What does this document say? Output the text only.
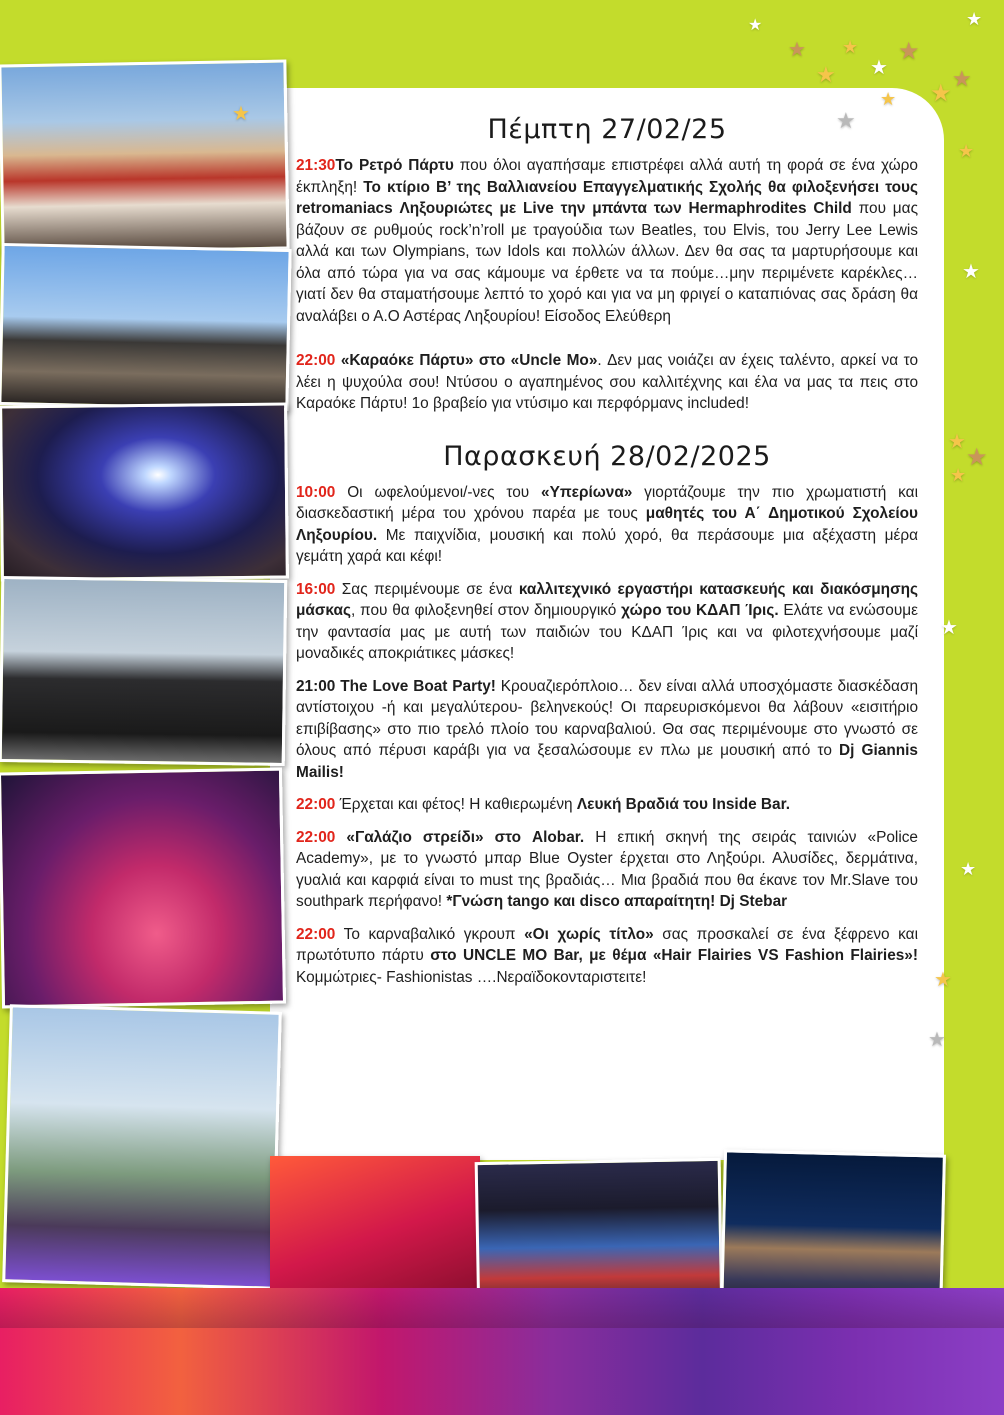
★
★
★
★
★
★
★
★
★
★
★
★
★
★
★
★
★
★
★
★
★
Πέμπτη 27/02/25

21:30Το Ρετρό Πάρτυ που όλοι αγαπήσαμε επιστρέφει αλλά αυτή τη φορά σε ένα χώρο έκπληξη! Το κτίριο Β’ της Βαλλιανείου Επαγγελματικής Σχολής θα φιλοξενήσει τους retromaniacs Ληξουριώτες με Live την μπάντα των Hermaphrodites Child που μας βάζουν σε ρυθμούς rock’n’roll με τραγούδια των Beatles, του Elvis, του Jerry Lee Lewis αλλά και των Olympians, των Idols και πολλών άλλων. Δεν θα σας τα μαρτυρήσουμε και όλα από τώρα για να σας κάμουμε να έρθετε να τα πούμε…μην περιμένετε καρέκλες… γιατί δεν θα σταματήσουμε λεπτό το χορό και για να μη φριγεί ο καταπιόνας σας δράση θα αναλάβει ο Α.Ο Αστέρας Ληξουρίου! Είσοδος Ελεύθερη

22:00 «Καραόκε Πάρτυ» στο «Uncle Mo». Δεν μας νοιάζει αν έχεις ταλέντο, αρκεί να το λέει η ψυχούλα σου! Ντύσου ο αγαπημένος σου καλλιτέχνης και έλα να μας τα πεις στο Καραόκε Πάρτυ! 1ο βραβείο για ντύσιμο και περφόρμανς included!

Παρασκευή 28/02/2025

10:00 Οι ωφελούμενοι/-νες του «Υπερίωνα» γιορτάζουμε την πιο χρωματιστή και διασκεδαστική μέρα του χρόνου παρέα με τους μαθητές του Α΄ Δημοτικού Σχολείου Ληξουρίου. Με παιχνίδια, μουσική και πολύ χορό, θα περάσουμε μια αξέχαστη μέρα γεμάτη χαρά και κέφι!

16:00 Σας περιμένουμε σε ένα καλλιτεχνικό εργαστήρι κατασκευής και διακόσμησης μάσκας, που θα φιλοξενηθεί στον δημιουργικό χώρο του ΚΔΑΠ Ίρις. Ελάτε να ενώσουμε την φαντασία μας με αυτή των παιδιών του ΚΔΑΠ Ίρις και να φιλοτεχνήσουμε μαζί μοναδικές αποκριάτικες μάσκες!

21:00 The Love Boat Party! Κρουαζιερόπλοιο… δεν είναι αλλά υποσχόμαστε διασκέδαση αντίστοιχου -ή και μεγαλύτερου- βεληνεκούς! Οι παρευρισκόμενοι θα λάβουν «εισιτήριο επιβίβασης» στο πιο τρελό πλοίο του καρναβαλιού. Θα σας περιμένουμε στο γνωστό σε όλους από πέρυσι καράβι για να ξεσαλώσουμε εν πλω με μουσική από το Dj Giannis Mailis!

22:00 Έρχεται και φέτος! Η καθιερωμένη Λευκή Βραδιά του Inside Bar.

22:00 «Γαλάζιο στρείδι» στο Alobar. Η επική σκηνή της σειράς ταινιών «Police Academy», με το γνωστό μπαρ Blue Oyster έρχεται στο Ληξούρι. Αλυσίδες, δερμάτινα, γυαλιά και καρφιά είναι το must της βραδιάς… Μια βραδιά που θα έκανε τον Mr.Slave του southpark περήφανο! *Γνώση tango και disco απαραίτητη! Dj Stebar

22:00 Το καρναβαλικό γκρουπ «Οι χωρίς τίτλο» σας προσκαλεί σε ένα ξέφρενο και πρωτότυπο πάρτυ στο UNCLE MO Bar, με θέμα «Hair Flairies VS Fashion Flairies»! Κομμώτριες- Fashionistas ….Νεραϊδοκονταριστειτε!
